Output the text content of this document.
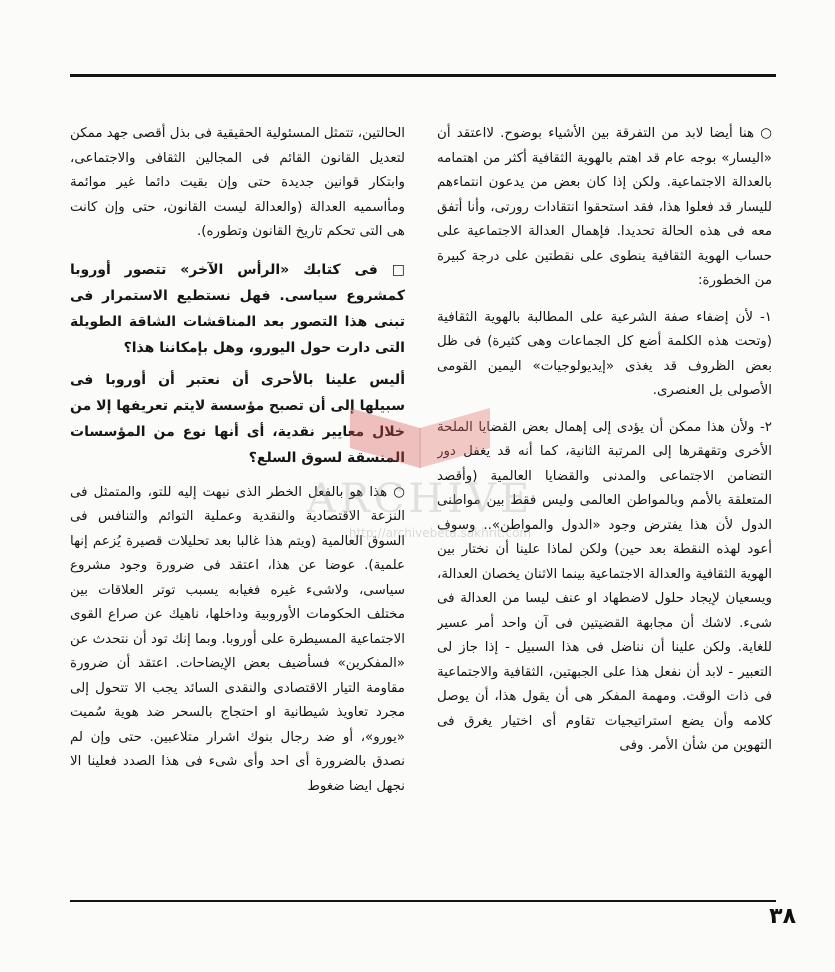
○ هنا أيضا لابد من التفرقة بين الأشياء بوضوح. لااعتقد أن «اليسار» بوجه عام قد اهتم بالهوية الثقافية أكثر من اهتمامه بالعدالة الاجتماعية. ولكن إذا كان بعض من يدعون انتماءهم لليسار قد فعلوا هذا، فقد استحقوا انتقادات رورتى، وأنا أتفق معه فى هذه الحالة تحديدا. فإهمال العدالة الاجتماعية على حساب الهوية الثقافية ينطوى على نقطتين على درجة كبيرة من الخطورة:

١- لأن إضفاء صفة الشرعية على المطالبة بالهوية الثقافية (وتحت هذه الكلمة أضع كل الجماعات وهى كثيرة) فى ظل بعض الظروف قد يغذى «إيديولوجيات» اليمين القومى الأصولى بل العنصرى.

٢- ولأن هذا ممكن أن يؤدى إلى إهمال بعض القضايا الملحة الأخرى وتقهقرها إلى المرتبة الثانية، كما أنه قد يغفل دور التضامن الاجتماعى والمدنى والقضايا العالمية (وأقصد المتعلقة بالأمم وبالمواطن العالمى وليس فقط بين مواطنى الدول لأن هذا يفترض وجود «الدول والمواطن».. وسوف أعود لهذه النقطة بعد حين) ولكن لماذا علينا أن نختار بين الهوية الثقافية والعدالة الاجتماعية بينما الاثنان يخصان العدالة، ويسعيان لإيجاد حلول لاضطهاد او عنف ليسا من العدالة فى شىء. لاشك أن مجابهة القضيتين فى آن واحد أمر عسير للغاية. ولكن علينا أن نناضل فى هذا السبيل - إذا جاز لى التعبير - لابد أن نفعل هذا على الجبهتين، الثقافية والاجتماعية فى ذات الوقت. ومهمة المفكر هى أن يقول هذا، أن يوصل كلامه وأن يضع استراتيجيات تقاوم أى اختيار يغرق فى التهوين من شأن الأمر. وفى

الحالتين، تتمثل المسئولية الحقيقية فى بذل أقصى جهد ممكن لتعديل القانون القائم فى المجالين الثقافى والاجتماعى، وابتكار قوانين جديدة حتى وإن بقيت دائما غير موائمة ومأاسميه العدالة (والعدالة ليست القانون، حتى وإن كانت هى التى تحكم تاريخ القانون وتطوره).

□ فى كتابك «الرأس الآخر» تتصور أوروبا كمشروع سياسى. فهل نستطيع الاستمرار فى تبنى هذا التصور بعد المناقشات الشاقة الطويلة التى دارت حول اليورو، وهل بإمكاننا هذا؟

أليس علينا بالأحرى أن نعتبر أن أوروبا فى سبيلها إلى أن تصبح مؤسسة لايتم تعريفها إلا من خلال معايير نقدية، أى أنها نوع من المؤسسات المنسقة لسوق السلع؟

○ هذا هو بالفعل الخطر الذى نبهت إليه للتو، والمتمثل فى النزعة الاقتصادية والنقدية وعملية التوائم والتنافس فى السوق العالمية (ويتم هذا غالبا بعد تحليلات قصيرة يُزعم إنها علمية). عوضا عن هذا، اعتقد فى ضرورة وجود مشروع سياسى، ولاشىء غيره فغيابه يسبب توتر العلاقات بين مختلف الحكومات الأوروبية وداخلها، ناهيك عن صراع القوى الاجتماعية المسيطرة على أوروبا. وبما إنك تود أن نتحدث عن «المفكرين» فسأضيف بعض الإيضاحات. اعتقد أن ضرورة مقاومة التيار الاقتصادى والنقدى السائد يجب الا تتحول إلى مجرد تعاويذ شيطانية او احتجاج بالسحر ضد هوية سُميت «يورو»، أو ضد رجال بنوك اشرار متلاعبين. حتى وإن لم نصدق بالضرورة أى احد وأى شىء فى هذا الصدد فعلينا الا نجهل ايضا ضغوط

ARCHIVE
http://archivebeta.sakhrit.com
٣٨
